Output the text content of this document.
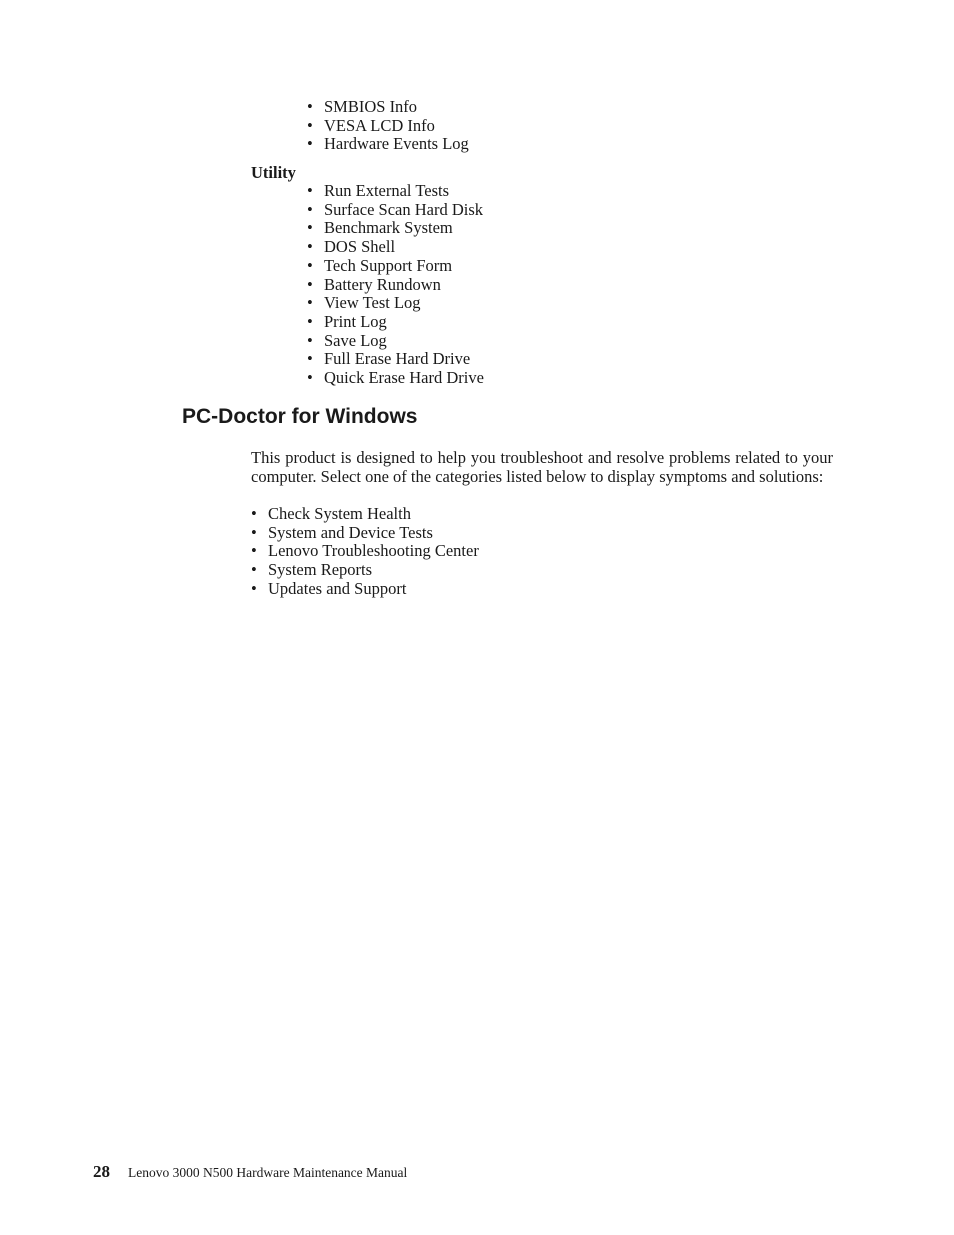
• SMBIOS Info
• VESA LCD Info
• Hardware Events Log
Utility
• Run External Tests
• Surface Scan Hard Disk
• Benchmark System
• DOS Shell
• Tech Support Form
• Battery Rundown
• View Test Log
• Print Log
• Save Log
• Full Erase Hard Drive
• Quick Erase Hard Drive
PC-Doctor for Windows

This product is designed to help you troubleshoot and resolve problems related to your computer. Select one of the categories listed below to display symptoms and solutions:

• Check System Health
• System and Device Tests
• Lenovo Troubleshooting Center
• System Reports
• Updates and Support
28 Lenovo 3000 N500 Hardware Maintenance Manual
